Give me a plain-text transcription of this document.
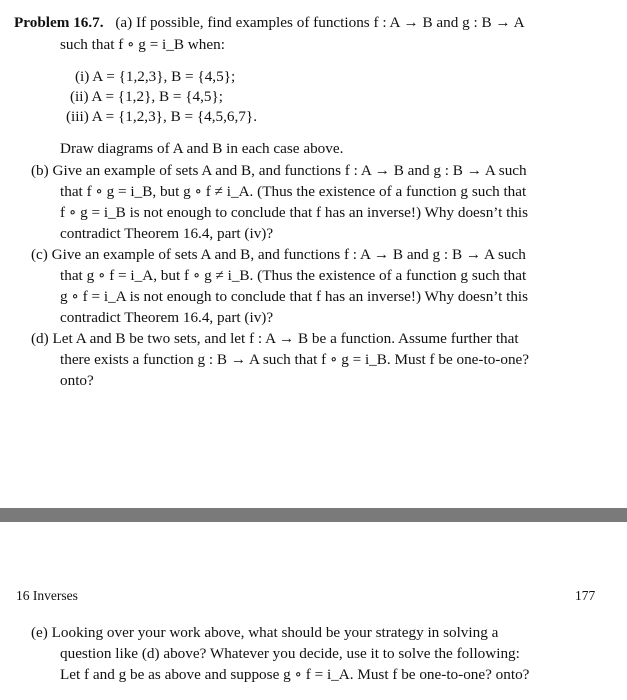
Problem 16.7. (a) If possible, find examples of functions f : A → B and g : B → A
such that f ∘ g = i_B when:
(i) A = {1,2,3}, B = {4,5};
(ii) A = {1,2}, B = {4,5};
(iii) A = {1,2,3}, B = {4,5,6,7}.
Draw diagrams of A and B in each case above.
(b) Give an example of sets A and B, and functions f : A → B and g : B → A such
that f ∘ g = i_B, but g ∘ f ≠ i_A. (Thus the existence of a function g such that
f ∘ g = i_B is not enough to conclude that f has an inverse!) Why doesn’t this
contradict Theorem 16.4, part (iv)?
(c) Give an example of sets A and B, and functions f : A → B and g : B → A such
that g ∘ f = i_A, but f ∘ g ≠ i_B. (Thus the existence of a function g such that
g ∘ f = i_A is not enough to conclude that f has an inverse!) Why doesn’t this
contradict Theorem 16.4, part (iv)?
(d) Let A and B be two sets, and let f : A → B be a function. Assume further that
there exists a function g : B → A such that f ∘ g = i_B. Must f be one-to-one?
onto?
16 Inverses	177
(e) Looking over your work above, what should be your strategy in solving a
question like (d) above? Whatever you decide, use it to solve the following:
Let f and g be as above and suppose g ∘ f = i_A. Must f be one-to-one? onto?
